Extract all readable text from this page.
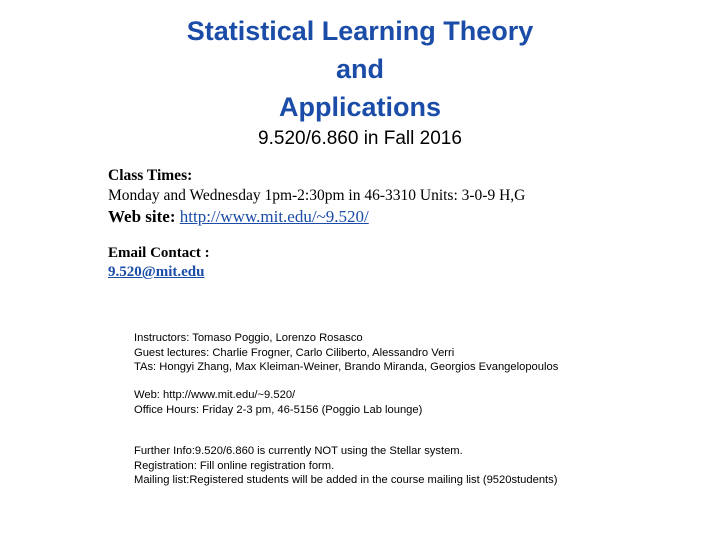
Statistical Learning Theory
and
Applications
9.520/6.860 in Fall 2016
Class Times:
Monday and Wednesday 1pm-2:30pm in 46-3310 Units: 3-0-9 H,G
Web site: http://www.mit.edu/~9.520/
Email Contact :
9.520@mit.edu
Instructors: Tomaso Poggio, Lorenzo Rosasco
Guest lectures: Charlie Frogner, Carlo Ciliberto, Alessandro Verri
TAs: Hongyi Zhang, Max Kleiman-Weiner, Brando Miranda, Georgios Evangelopoulos
Web: http://www.mit.edu/~9.520/
Office Hours: Friday 2-3 pm, 46-5156 (Poggio Lab lounge)
Further Info:9.520/6.860 is currently NOT using the Stellar system.
Registration: Fill online registration form.
Mailing list:Registered students will be added in the course mailing list (9520students)
